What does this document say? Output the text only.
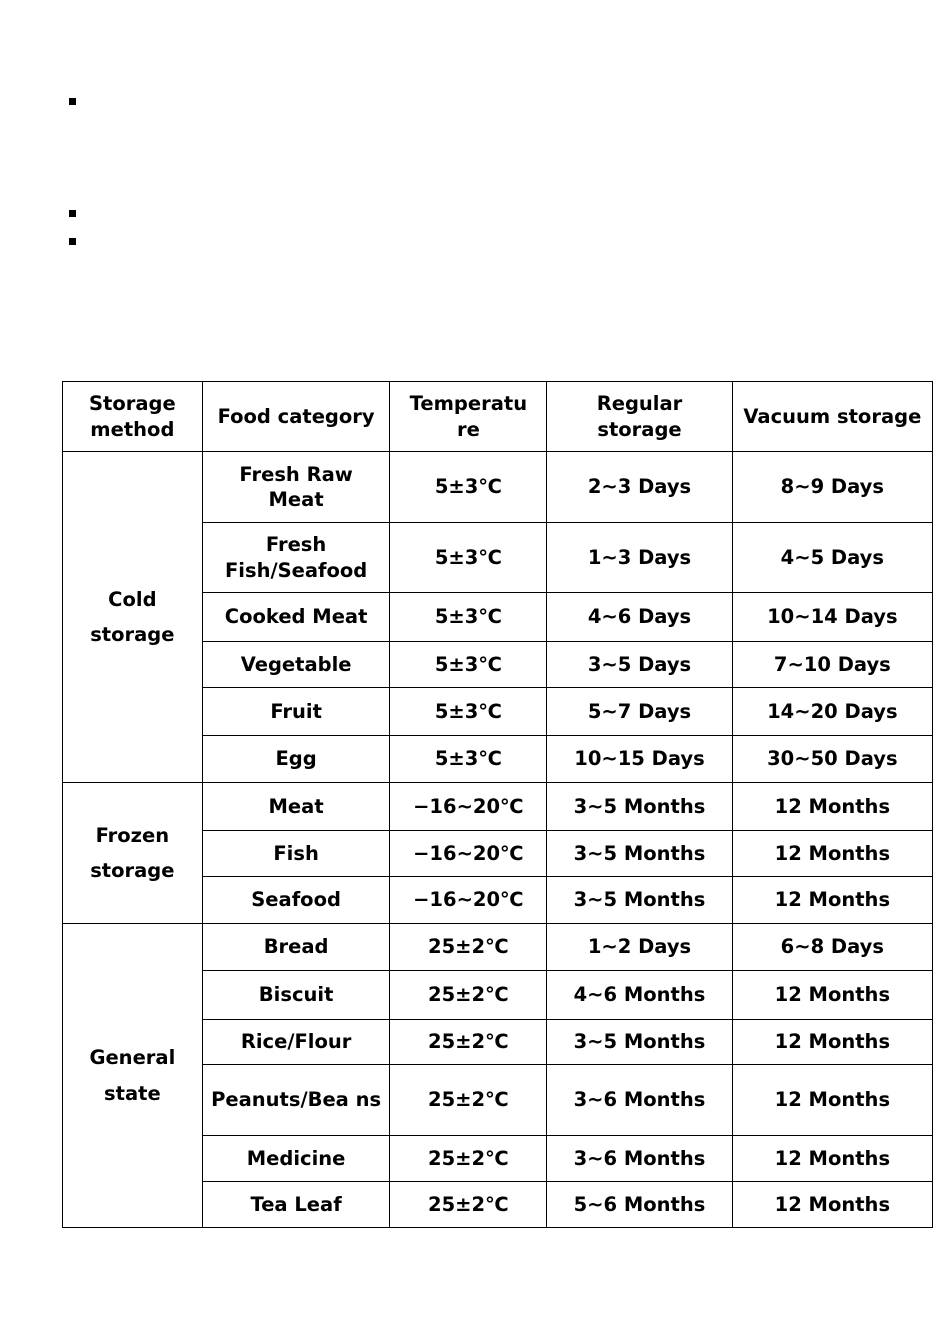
Storage method	Food category	Temperatu re	Regular storage	Vacuum storage
Cold storage	Fresh Raw Meat	5±3℃	2~3 Days	8~9 Days
	Fresh Fish/Seafood	5±3℃	1~3 Days	4~5 Days
	Cooked Meat	5±3℃	4~6 Days	10~14 Days
	Vegetable	5±3℃	3~5 Days	7~10 Days
	Fruit	5±3℃	5~7 Days	14~20 Days
	Egg	5±3℃	10~15 Days	30~50 Days
Frozen storage	Meat	−16~20℃	3~5 Months	12 Months
	Fish	−16~20℃	3~5 Months	12 Months
	Seafood	−16~20℃	3~5 Months	12 Months
General state	Bread	25±2℃	1~2 Days	6~8 Days
	Biscuit	25±2℃	4~6 Months	12 Months
	Rice/Flour	25±2℃	3~5 Months	12 Months
	Peanuts/Bea ns	25±2℃	3~6 Months	12 Months
	Medicine	25±2℃	3~6 Months	12 Months
	Tea Leaf	25±2℃	5~6 Months	12 Months
